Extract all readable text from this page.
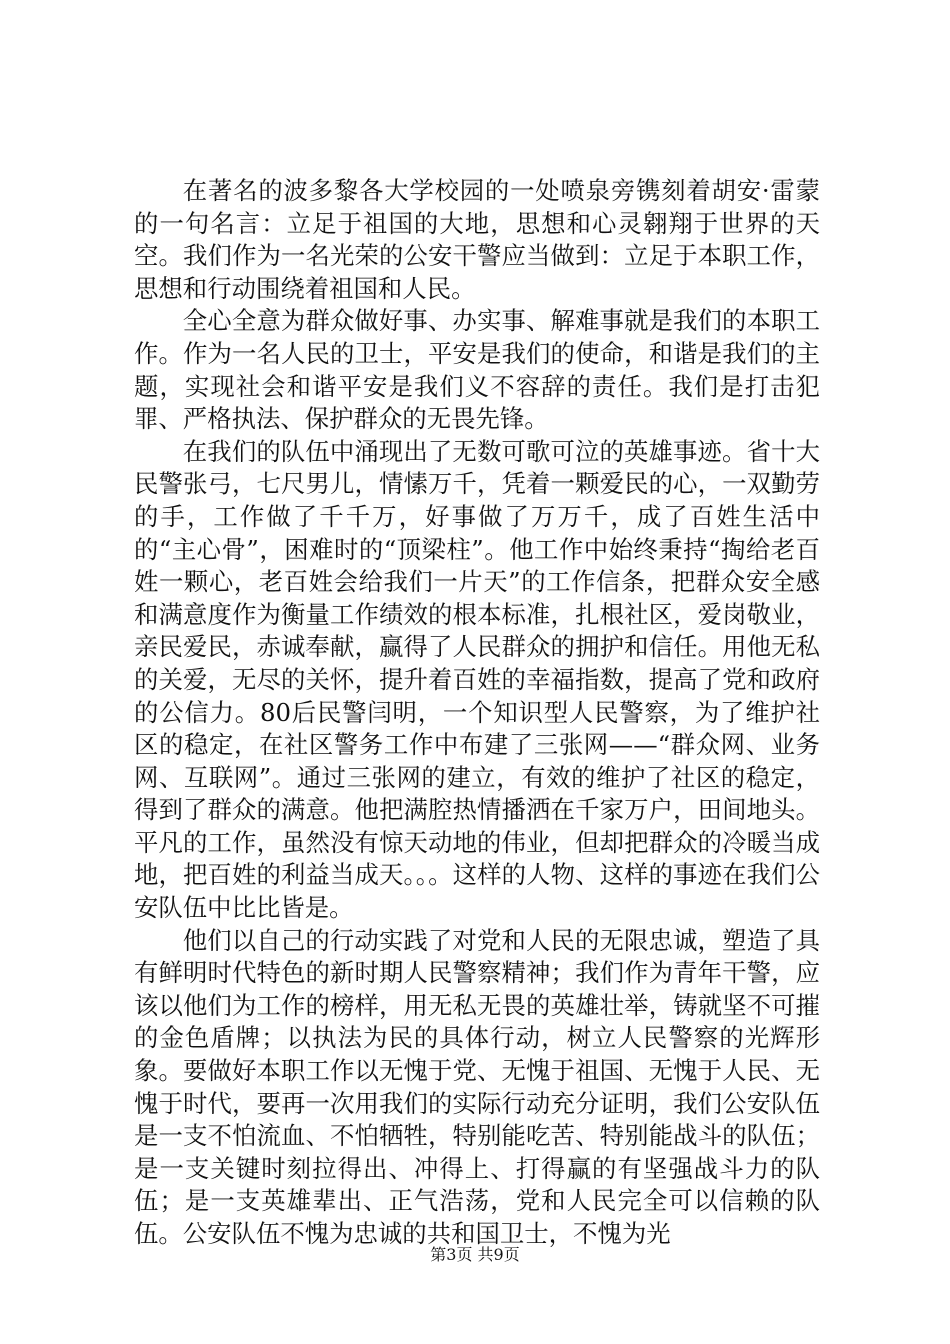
在著名的波多黎各大学校园的一处喷泉旁镌刻着胡安·雷蒙的一句名言：立足于祖国的大地，思想和心灵翱翔于世界的天空。我们作为一名光荣的公安干警应当做到：立足于本职工作，思想和行动围绕着祖国和人民。

全心全意为群众做好事、办实事、解难事就是我们的本职工作。作为一名人民的卫士，平安是我们的使命，和谐是我们的主题，实现社会和谐平安是我们义不容辞的责任。我们是打击犯罪、严格执法、保护群众的无畏先锋。

在我们的队伍中涌现出了无数可歌可泣的英雄事迹。省十大民警张弓，七尺男儿，情愫万千，凭着一颗爱民的心，一双勤劳的手，工作做了千千万，好事做了万万千，成了百姓生活中的“主心骨”，困难时的“顶梁柱”。他工作中始终秉持“掏给老百姓一颗心，老百姓会给我们一片天”的工作信条，把群众安全感和满意度作为衡量工作绩效的根本标准，扎根社区，爱岗敬业，亲民爱民，赤诚奉献，赢得了人民群众的拥护和信任。用他无私的关爱，无尽的关怀，提升着百姓的幸福指数，提高了党和政府的公信力。80后民警闫明，一个知识型人民警察，为了维护社区的稳定，在社区警务工作中布建了三张网——“群众网、业务网、互联网”。通过三张网的建立，有效的维护了社区的稳定，得到了群众的满意。他把满腔热情播洒在千家万户，田间地头。平凡的工作，虽然没有惊天动地的伟业，但却把群众的冷暖当成地，把百姓的利益当成天。。。这样的人物、这样的事迹在我们公安队伍中比比皆是。

他们以自己的行动实践了对党和人民的无限忠诚，塑造了具有鲜明时代特色的新时期人民警察精神；我们作为青年干警，应该以他们为工作的榜样，用无私无畏的英雄壮举，铸就坚不可摧的金色盾牌；以执法为民的具体行动，树立人民警察的光辉形象。要做好本职工作以无愧于党、无愧于祖国、无愧于人民、无愧于时代，要再一次用我们的实际行动充分证明，我们公安队伍是一支不怕流血、不怕牺牲，特别能吃苦、特别能战斗的队伍；是一支关键时刻拉得出、冲得上、打得赢的有坚强战斗力的队伍；是一支英雄辈出、正气浩荡，党和人民完全可以信赖的队伍。公安队伍不愧为忠诚的共和国卫士，不愧为光

第3页 共9页
